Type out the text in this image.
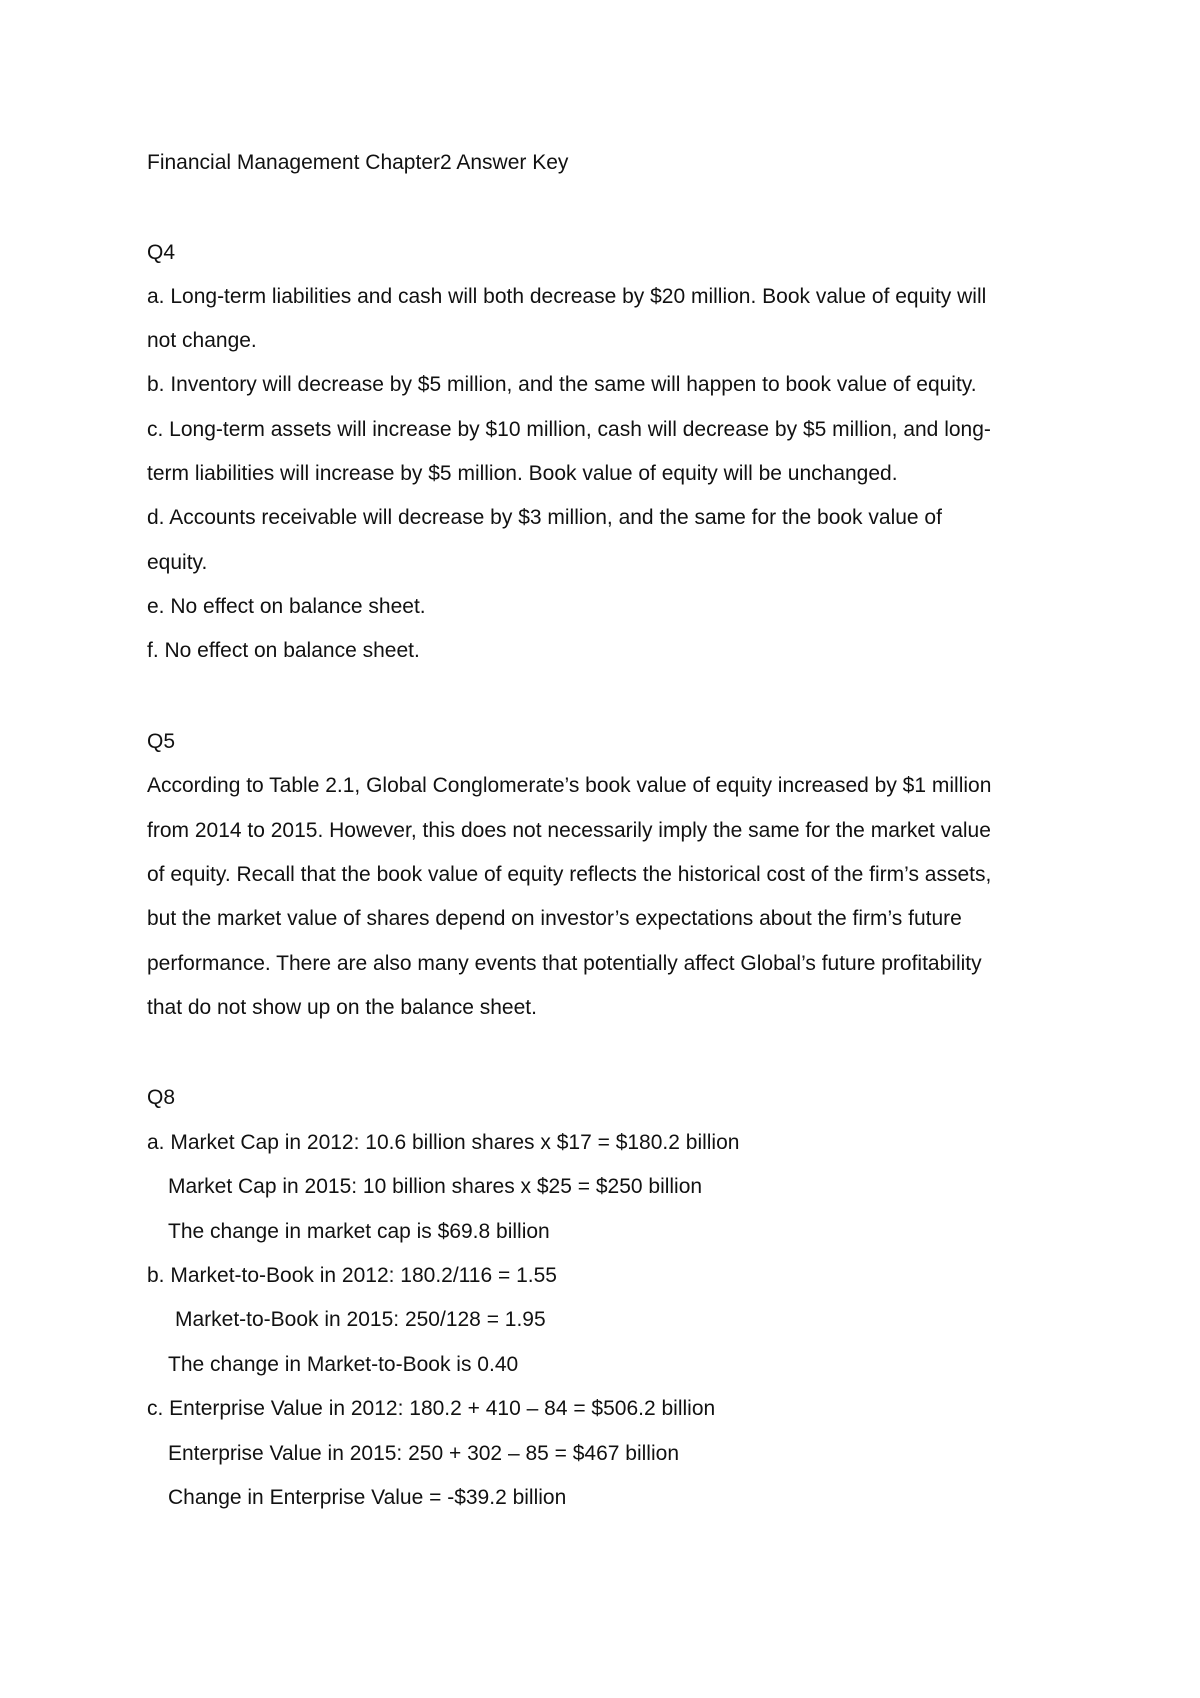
Financial Management Chapter2 Answer Key
Q4
a. Long-term liabilities and cash will both decrease by $20 million. Book value of equity will
not change.
b. Inventory will decrease by $5 million, and the same will happen to book value of equity.
c. Long-term assets will increase by $10 million, cash will decrease by $5 million, and long-
term liabilities will increase by $5 million. Book value of equity will be unchanged.
d. Accounts receivable will decrease by $3 million, and the same for the book value of
equity.
e. No effect on balance sheet.
f. No effect on balance sheet.
Q5
According to Table 2.1, Global Conglomerate’s book value of equity increased by $1 million
from 2014 to 2015. However, this does not necessarily imply the same for the market value
of equity. Recall that the book value of equity reflects the historical cost of the firm’s assets,
but the market value of shares depend on investor’s expectations about the firm’s future
performance. There are also many events that potentially affect Global’s future profitability
that do not show up on the balance sheet.
Q8
a. Market Cap in 2012: 10.6 billion shares x $17 = $180.2 billion
Market Cap in 2015: 10 billion shares x $25 = $250 billion
The change in market cap is $69.8 billion
b. Market-to-Book in 2012: 180.2/116 = 1.55
Market-to-Book in 2015: 250/128 = 1.95
The change in Market-to-Book is 0.40
c. Enterprise Value in 2012: 180.2 + 410 – 84 = $506.2 billion
Enterprise Value in 2015: 250 + 302 – 85 = $467 billion
Change in Enterprise Value = -$39.2 billion
